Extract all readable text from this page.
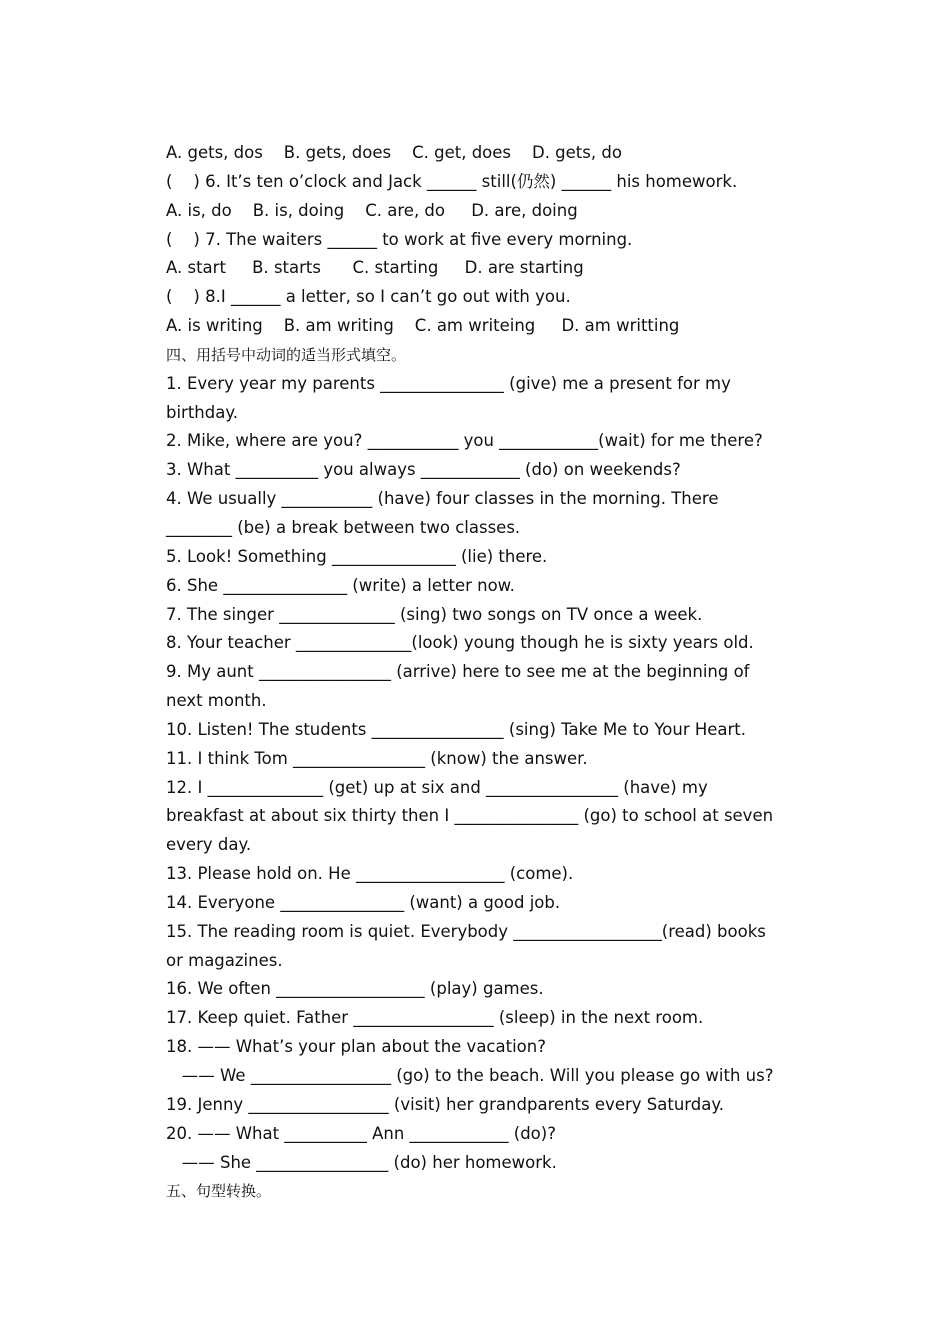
A. gets, dos    B. gets, does    C. get, does    D. gets, do
(    ) 6. It’s ten o’clock and Jack ______ still(仍然) ______ his homework.
A. is, do    B. is, doing    C. are, do     D. are, doing
(    ) 7. The waiters ______ to work at five every morning.
A. start     B. starts      C. starting     D. are starting
(    ) 8.I ______ a letter, so I can’t go out with you.
A. is writing    B. am writing    C. am writeing     D. am writting
四、用括号中动词的适当形式填空。
1. Every year my parents _______________ (give) me a present for my
birthday.
2. Mike, where are you? ___________ you ____________(wait) for me there?
3. What __________ you always ____________ (do) on weekends?
4. We usually ___________ (have) four classes in the morning. There
________ (be) a break between two classes.
5. Look! Something _______________ (lie) there.
6. She _______________ (write) a letter now.
7. The singer ______________ (sing) two songs on TV once a week.
8. Your teacher ______________(look) young though he is sixty years old.
9. My aunt ________________ (arrive) here to see me at the beginning of
next month.
10. Listen! The students ________________ (sing) Take Me to Your Heart.
11. I think Tom ________________ (know) the answer.
12. I ______________ (get) up at six and ________________ (have) my
breakfast at about six thirty then I _______________ (go) to school at seven
every day.
13. Please hold on. He __________________ (come).
14. Everyone _______________ (want) a good job.
15. The reading room is quiet. Everybody __________________(read) books
or magazines.
16. We often __________________ (play) games.
17. Keep quiet. Father _________________ (sleep) in the next room.
18. —— What’s your plan about the vacation?
—— We _________________ (go) to the beach. Will you please go with us?
19. Jenny _________________ (visit) her grandparents every Saturday.
20. —— What __________ Ann ____________ (do)?
—— She ________________ (do) her homework.
五、句型转换。
